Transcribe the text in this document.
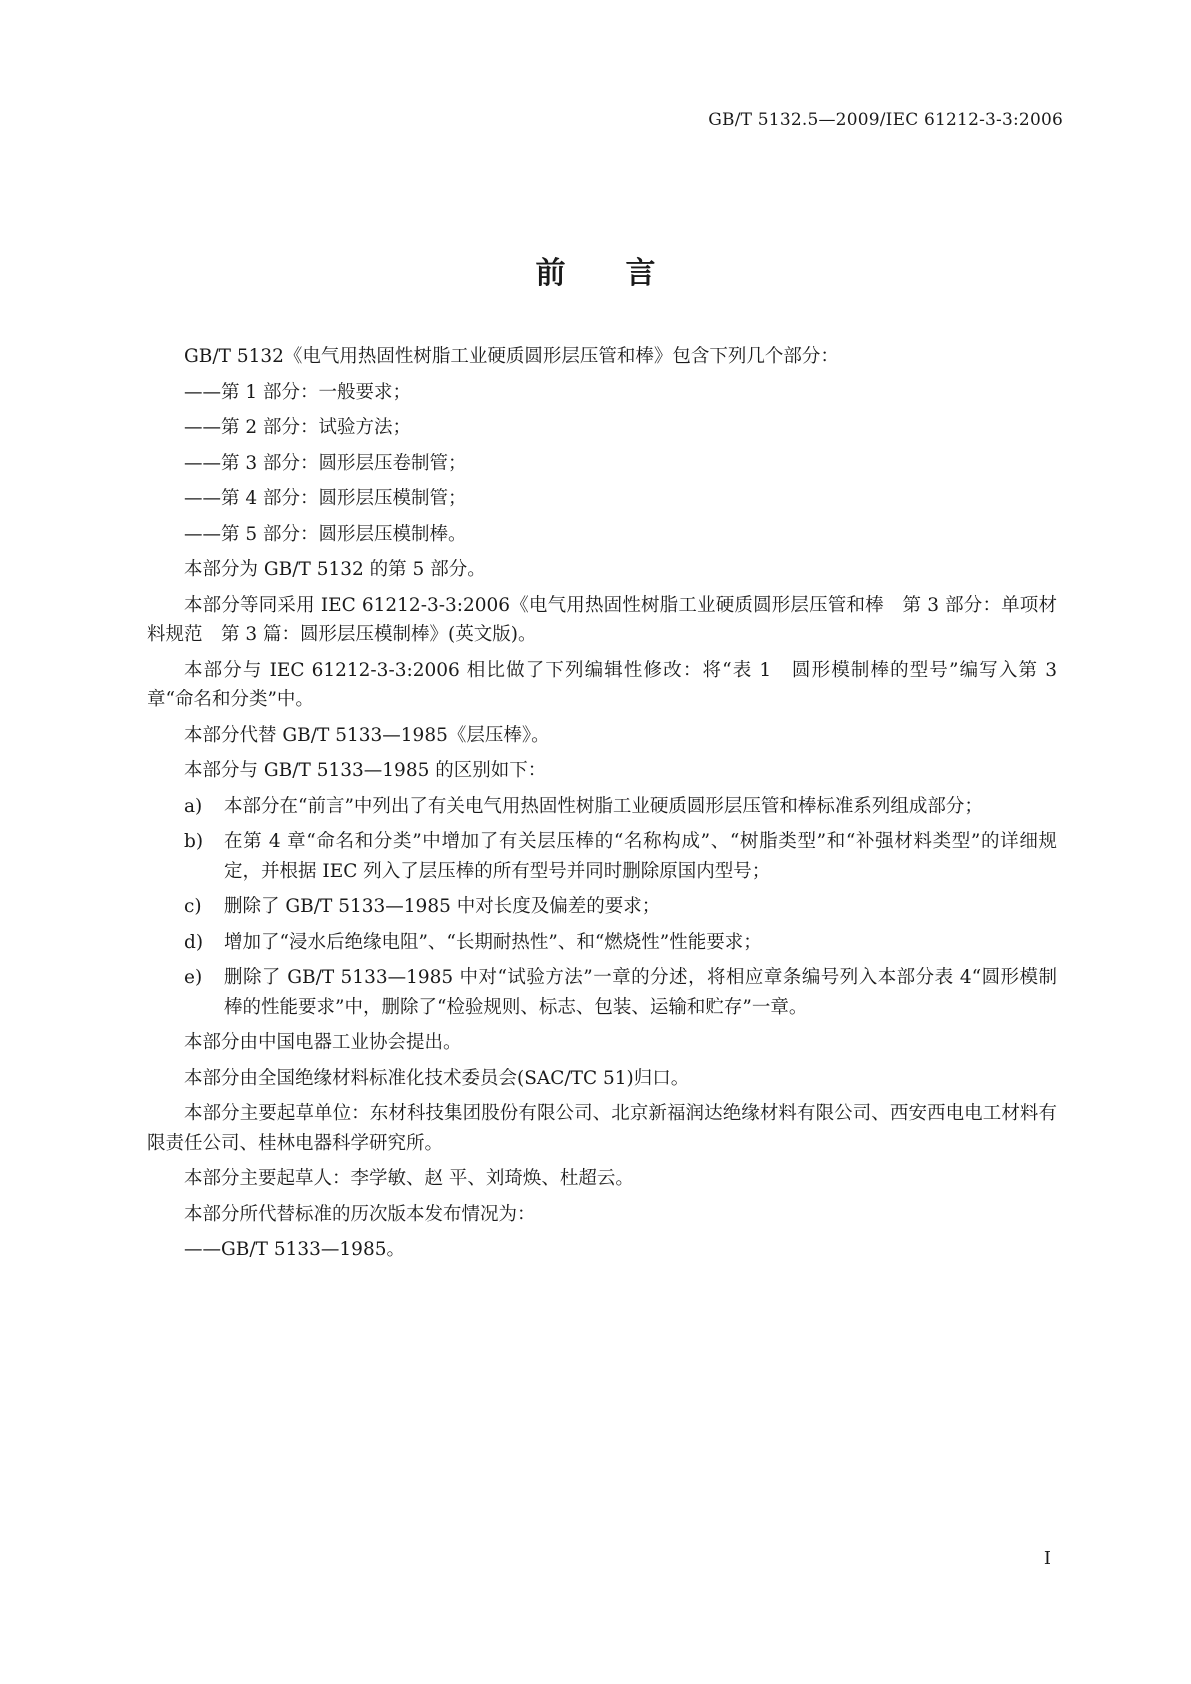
GB/T 5132.5—2009/IEC 61212-3-3:2006
前言

GB/T 5132《电气用热固性树脂工业硬质圆形层压管和棒》包含下列几个部分：

——第 1 部分：一般要求；

——第 2 部分：试验方法；

——第 3 部分：圆形层压卷制管；

——第 4 部分：圆形层压模制管；

——第 5 部分：圆形层压模制棒。

本部分为 GB/T 5132 的第 5 部分。

本部分等同采用 IEC 61212-3-3:2006《电气用热固性树脂工业硬质圆形层压管和棒　第 3 部分：单项材料规范　第 3 篇：圆形层压模制棒》(英文版)。

本部分与 IEC 61212-3-3:2006 相比做了下列编辑性修改：将“表 1　圆形模制棒的型号”编写入第 3 章“命名和分类”中。

本部分代替 GB/T 5133—1985《层压棒》。

本部分与 GB/T 5133—1985 的区别如下：

a)	本部分在“前言”中列出了有关电气用热固性树脂工业硬质圆形层压管和棒标准系列组成部分；
b)	在第 4 章“命名和分类”中增加了有关层压棒的“名称构成”、“树脂类型”和“补强材料类型”的详细规定，并根据 IEC 列入了层压棒的所有型号并同时删除原国内型号；
c)	删除了 GB/T 5133—1985 中对长度及偏差的要求；
d)	增加了“浸水后绝缘电阻”、“长期耐热性”、和“燃烧性”性能要求；
e)	删除了 GB/T 5133—1985 中对“试验方法”一章的分述，将相应章条编号列入本部分表 4“圆形模制棒的性能要求”中，删除了“检验规则、标志、包装、运输和贮存”一章。

本部分由中国电器工业协会提出。

本部分由全国绝缘材料标准化技术委员会(SAC/TC 51)归口。

本部分主要起草单位：东材科技集团股份有限公司、北京新福润达绝缘材料有限公司、西安西电电工材料有限责任公司、桂林电器科学研究所。

本部分主要起草人：李学敏、赵 平、刘琦焕、杜超云。

本部分所代替标准的历次版本发布情况为：

——GB/T 5133—1985。

I
